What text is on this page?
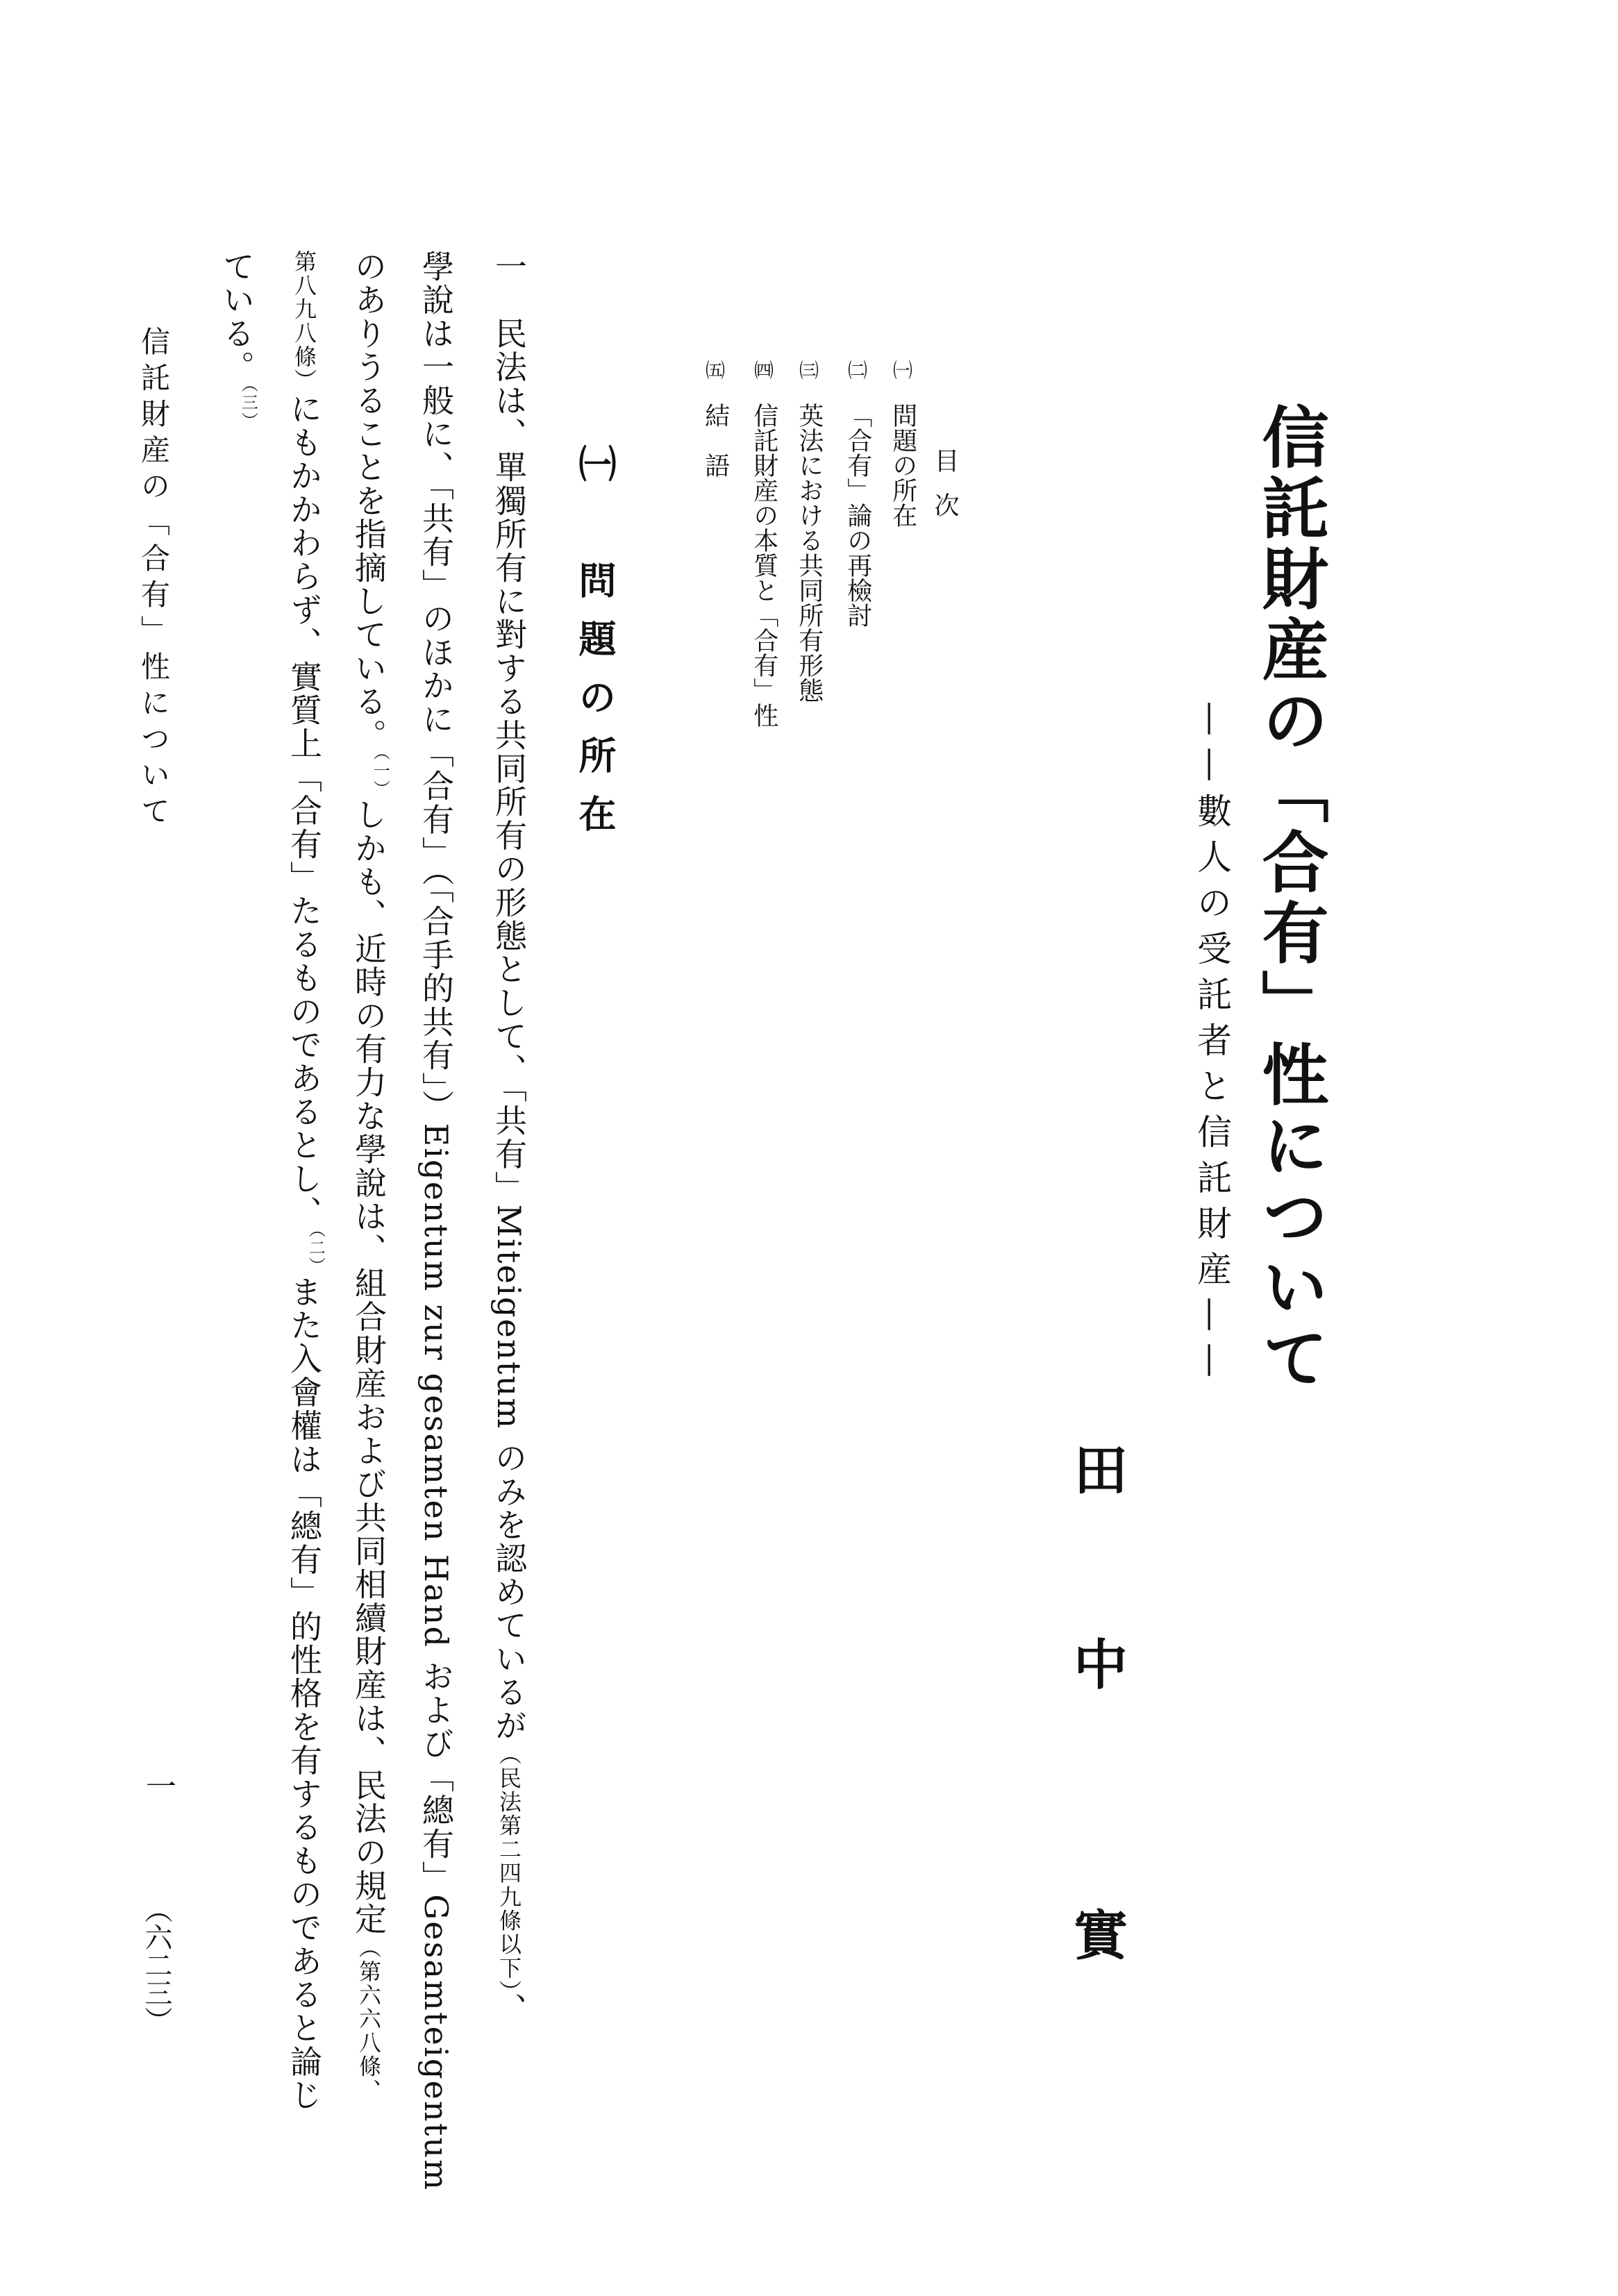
信託財産の「合有」性について
——數人の受託者と信託財産——
田
中
實
目次
㈠
問題の所在
㈡
「合有」論の再檢討
㈢
英法における共同所有形態
㈣
信託財産の本質と「合有」性
㈤
結　語
㈠　問題の所在

一　民法は、單獨所有に對する共同所有の形態として、「共有」Miteigentum のみを認めているが（民法第二四九條以下）、

學說は一般に、「共有」のほかに「合有」（「合手的共有」）Eigentum zur gesamten Hand および「總有」Gesamteigentum

のありうることを指摘している。$^{(一)}$しかも、近時の有力な學說は、組合財産および共同相續財産は、民法の規定（第六六八條、

第八九八條）にもかかわらず、實質上「合有」たるものであるとし、$^{(二)}$また入會權は「總有」的性格を有するものであると論じ

ている。$^{(三)}$

信託財産の「合有」性について
一
（六二三）
